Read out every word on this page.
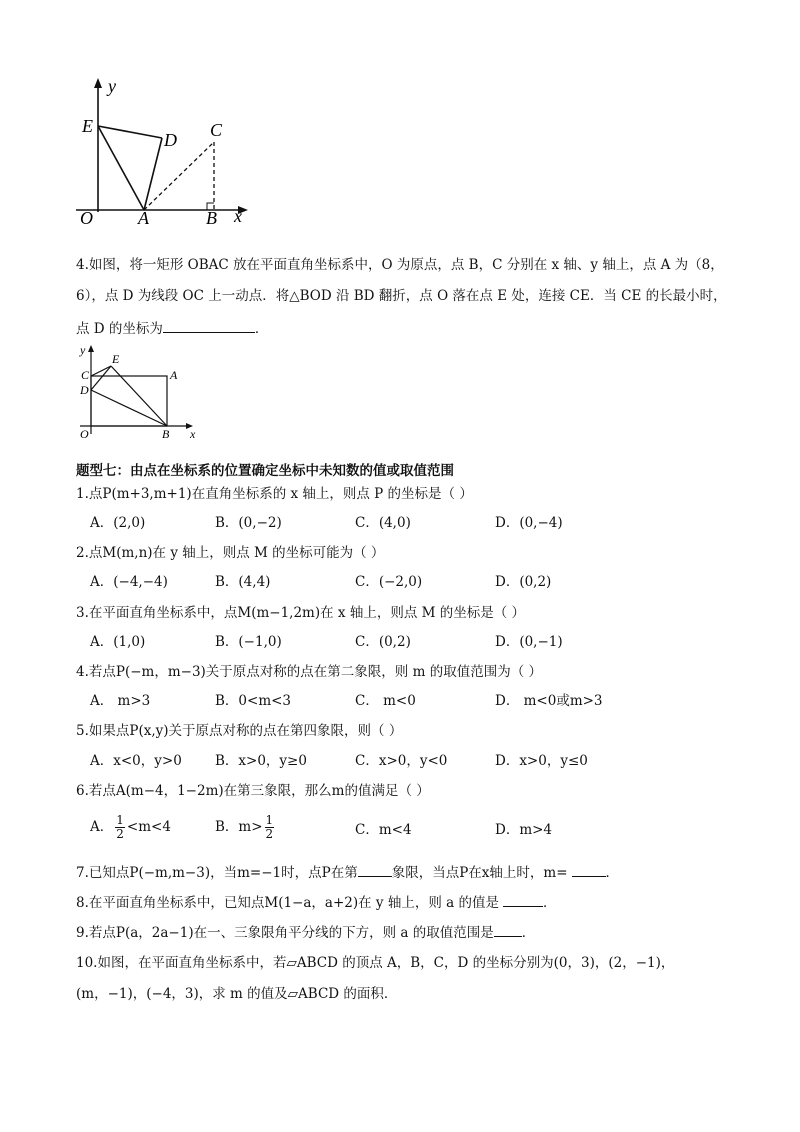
y
E
D C
O	A	B x
4.如图，将一矩形 OBAC 放在平面直角坐标系中，O 为原点，点 B，C 分别在 x 轴、y 轴上，点 A 为（8，
6），点 D 为线段 OC 上一动点．将△BOD 沿 BD 翻折，点 O 落在点 E 处，连接 CE．当 CE 的长最小时，
点 D 的坐标为	．
y
E
C	A
D
O	B x
题型七：由点在坐标系的位置确定坐标中未知数的值或取值范围
1.点P(m+3,m+1)在直角坐标系的 x 轴上，则点 P 的坐标是（ ）
A．(2,0)	B．(0,−2)	C．(4,0)	D．(0,−4)
2.点M(m,n)在 y 轴上，则点 M 的坐标可能为（ ）
A．(−4,−4)	B．(4,4)	C．(−2,0)	D．(0,2)
3.在平面直角坐标系中，点M(m−1,2m)在 x 轴上，则点 M 的坐标是（ ）
A．(1,0)	B．(−1,0)	C．(0,2)	D．(0,−1)
4.若点P(−m，m−3)关于原点对称的点在第二象限，则 m 的取值范围为（ ）
A． m>3	B．0<m<3	C． m<0	D． m<0或m>3
5.如果点P(x,y)关于原点对称的点在第四象限，则（ ）
A．x<0，y>0 B．x>0，y≥0	C．x>0，y<0	D．x>0，y≤0
6.若点A(m−4，1−2m)在第三象限，那么m的值满足（ ）
A． $\frac{1}{2} <m<4$	B．$m> \frac{1}{2}$	C．m<4	D．m>4
7.已知点P(−m,m−3)，当m=−1时，点P在第	象限，当点P在x轴上时，m=	．
8.在平面直角坐标系中，已知点M(1−a，a+2)在 y 轴上，则 a 的值是	．
9.若点P(a，2a−1)在一、三象限角平分线的下方，则 a 的取值范围是 ．
10.如图，在平面直角坐标系中，若▱ABCD 的顶点 A，B，C，D 的坐标分别为(0，3)，(2，−1)，
(m，−1)，(−4，3)，求 m 的值及▱ABCD 的面积．
